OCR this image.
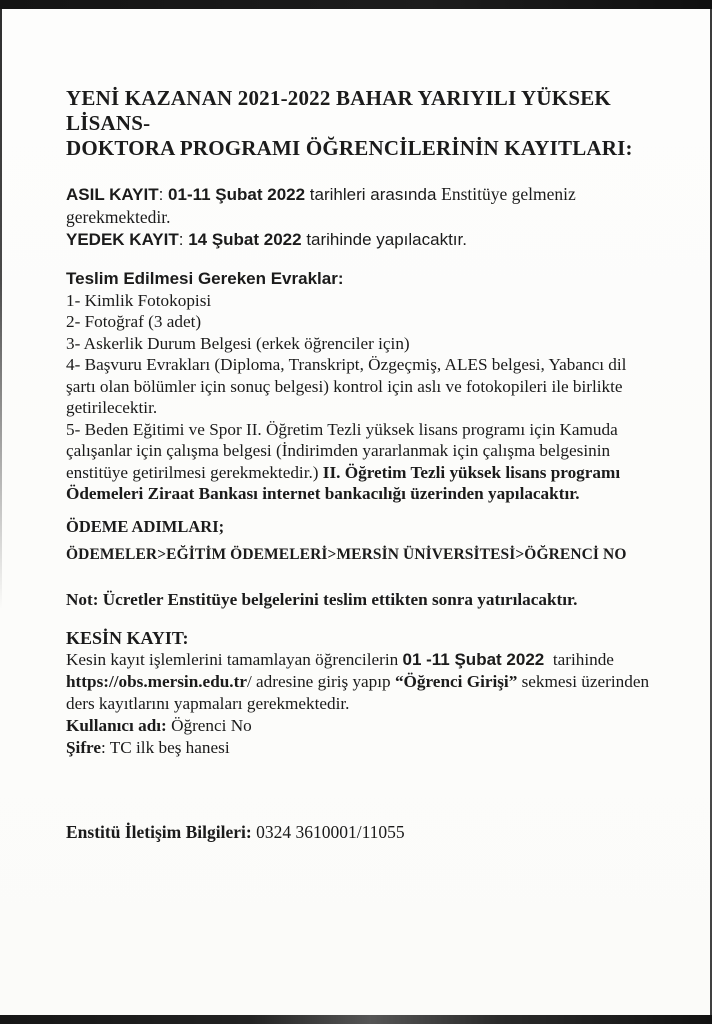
YENİ KAZANAN 2021-2022 BAHAR YARIYILI YÜKSEK LİSANS-
DOKTORA PROGRAMI ÖĞRENCİLERİNİN KAYITLARI:

ASIL KAYIT: 01-11 Şubat 2022 tarihleri arasında Enstitüye gelmeniz gerekmektedir.
YEDEK KAYIT: 14 Şubat 2022 tarihinde yapılacaktır.

Teslim Edilmesi Gereken Evraklar:

1- Kimlik Fotokopisi

2- Fotoğraf (3 adet)

3- Askerlik Durum Belgesi (erkek öğrenciler için)

4- Başvuru Evrakları (Diploma, Transkript, Özgeçmiş, ALES belgesi, Yabancı dil şartı olan bölümler için sonuç belgesi) kontrol için aslı ve fotokopileri ile birlikte getirilecektir.

5- Beden Eğitimi ve Spor II. Öğretim Tezli yüksek lisans programı için Kamuda çalışanlar için çalışma belgesi (İndirimden yararlanmak için çalışma belgesinin enstitüye getirilmesi gerekmektedir.) II. Öğretim Tezli yüksek lisans programı Ödemeleri Ziraat Bankası internet bankacılığı üzerinden yapılacaktır.

ÖDEME ADIMLARI;

ÖDEMELER>EĞİTİM ÖDEMELERİ>MERSİN ÜNİVERSİTESİ>ÖĞRENCİ NO

Not: Ücretler Enstitüye belgelerini teslim ettikten sonra yatırılacaktır.

KESİN KAYIT:

Kesin kayıt işlemlerini tamamlayan öğrencilerin 01 -11 Şubat 2022  tarihinde https://obs.mersin.edu.tr/ adresine giriş yapıp “Öğrenci Girişi” sekmesi üzerinden ders kayıtlarını yapmaları gerekmektedir.
Kullanıcı adı: Öğrenci No
Şifre: TC ilk beş hanesi

Enstitü İletişim Bilgileri: 0324 3610001/11055
